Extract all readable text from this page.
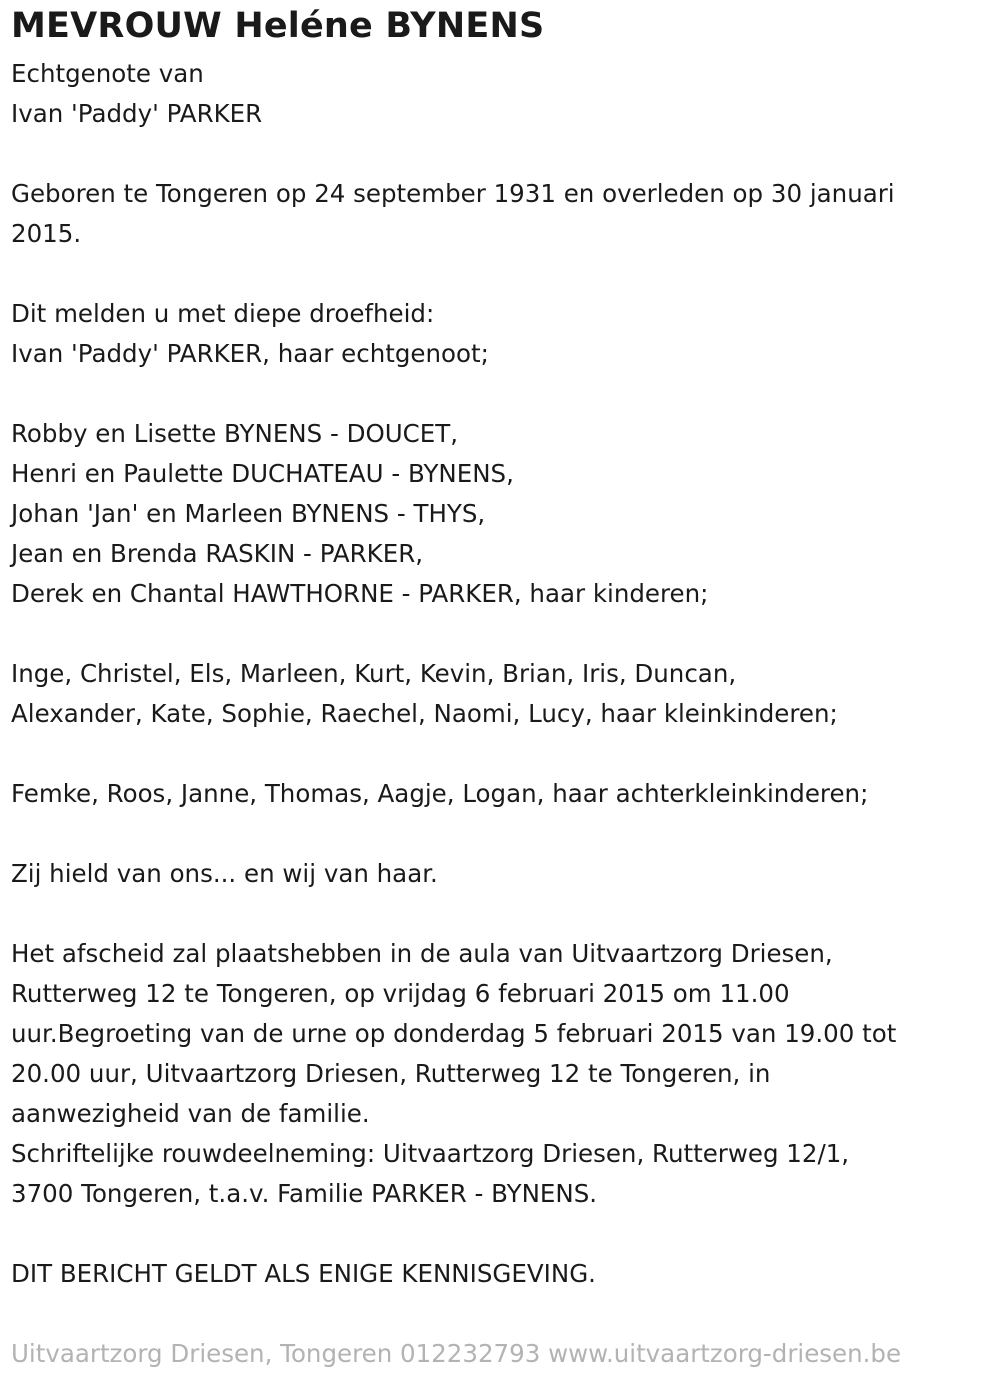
MEVROUW Heléne BYNENS
Echtgenote van
Ivan 'Paddy' PARKER
Geboren te Tongeren op 24 september 1931 en overleden op 30 januari
2015.
Dit melden u met diepe droefheid:
Ivan 'Paddy' PARKER, haar echtgenoot;
Robby en Lisette BYNENS - DOUCET,
Henri en Paulette DUCHATEAU - BYNENS,
Johan 'Jan' en Marleen BYNENS - THYS,
Jean en Brenda RASKIN - PARKER,
Derek en Chantal HAWTHORNE - PARKER, haar kinderen;
Inge, Christel, Els, Marleen, Kurt, Kevin, Brian, Iris, Duncan,
Alexander, Kate, Sophie, Raechel, Naomi, Lucy, haar kleinkinderen;
Femke, Roos, Janne, Thomas, Aagje, Logan, haar achterkleinkinderen;
Zij hield van ons... en wij van haar.
Het afscheid zal plaatshebben in de aula van Uitvaartzorg Driesen,
Rutterweg 12 te Tongeren, op vrijdag 6 februari 2015 om 11.00
uur.Begroeting van de urne op donderdag 5 februari 2015 van 19.00 tot
20.00 uur, Uitvaartzorg Driesen, Rutterweg 12 te Tongeren, in
aanwezigheid van de familie.
Schriftelijke rouwdeelneming: Uitvaartzorg Driesen, Rutterweg 12/1,
3700 Tongeren, t.a.v. Familie PARKER - BYNENS.
DIT BERICHT GELDT ALS ENIGE KENNISGEVING.
Uitvaartzorg Driesen, Tongeren 012232793 www.uitvaartzorg-driesen.be
